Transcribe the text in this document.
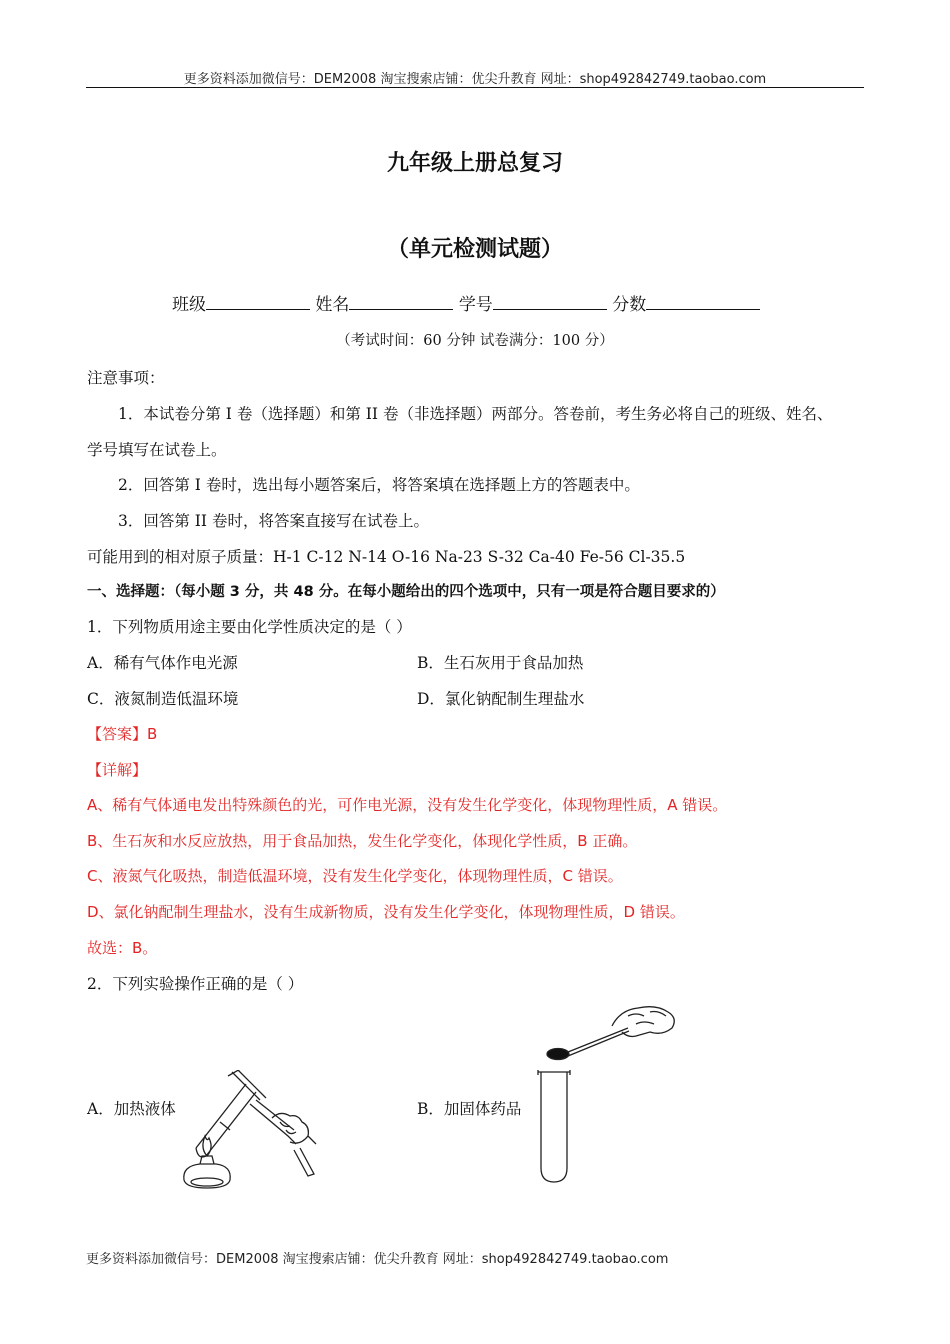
更多资料添加微信号：DEM2008 淘宝搜索店铺：优尖升教育 网址：shop492842749.taobao.com
九年级上册总复习
（单元检测试题）
班级	姓名	学号	分数
（考试时间：60 分钟 试卷满分：100 分）
注意事项：
1．本试卷分第 I 卷（选择题）和第 II 卷（非选择题）两部分。答卷前，考生务必将自己的班级、姓名、
学号填写在试卷上。
2．回答第 I 卷时，选出每小题答案后，将答案填在选择题上方的答题表中。
3．回答第 II 卷时，将答案直接写在试卷上。
可能用到的相对原子质量：H-1 C-12 N-14 O-16 Na-23 S-32 Ca-40 Fe-56 Cl-35.5
一、选择题：（每小题 3 分，共 48 分。在每小题给出的四个选项中，只有一项是符合题目要求的）
1．下列物质用途主要由化学性质决定的是（ ）
A．稀有气体作电光源	B．生石灰用于食品加热
C．液氮制造低温环境	D．氯化钠配制生理盐水
【答案】B
【详解】
A、稀有气体通电发出特殊颜色的光，可作电光源，没有发生化学变化，体现物理性质，A 错误。
B、生石灰和水反应放热，用于食品加热，发生化学变化，体现化学性质，B 正确。
C、液氮气化吸热，制造低温环境，没有发生化学变化，体现物理性质，C 错误。
D、氯化钠配制生理盐水，没有生成新物质，没有发生化学变化，体现物理性质，D 错误。
故选：B。
2．下列实验操作正确的是（ ）
A．加热液体	B．加固体药品
更多资料添加微信号：DEM2008 淘宝搜索店铺：优尖升教育 网址：shop492842749.taobao.com
